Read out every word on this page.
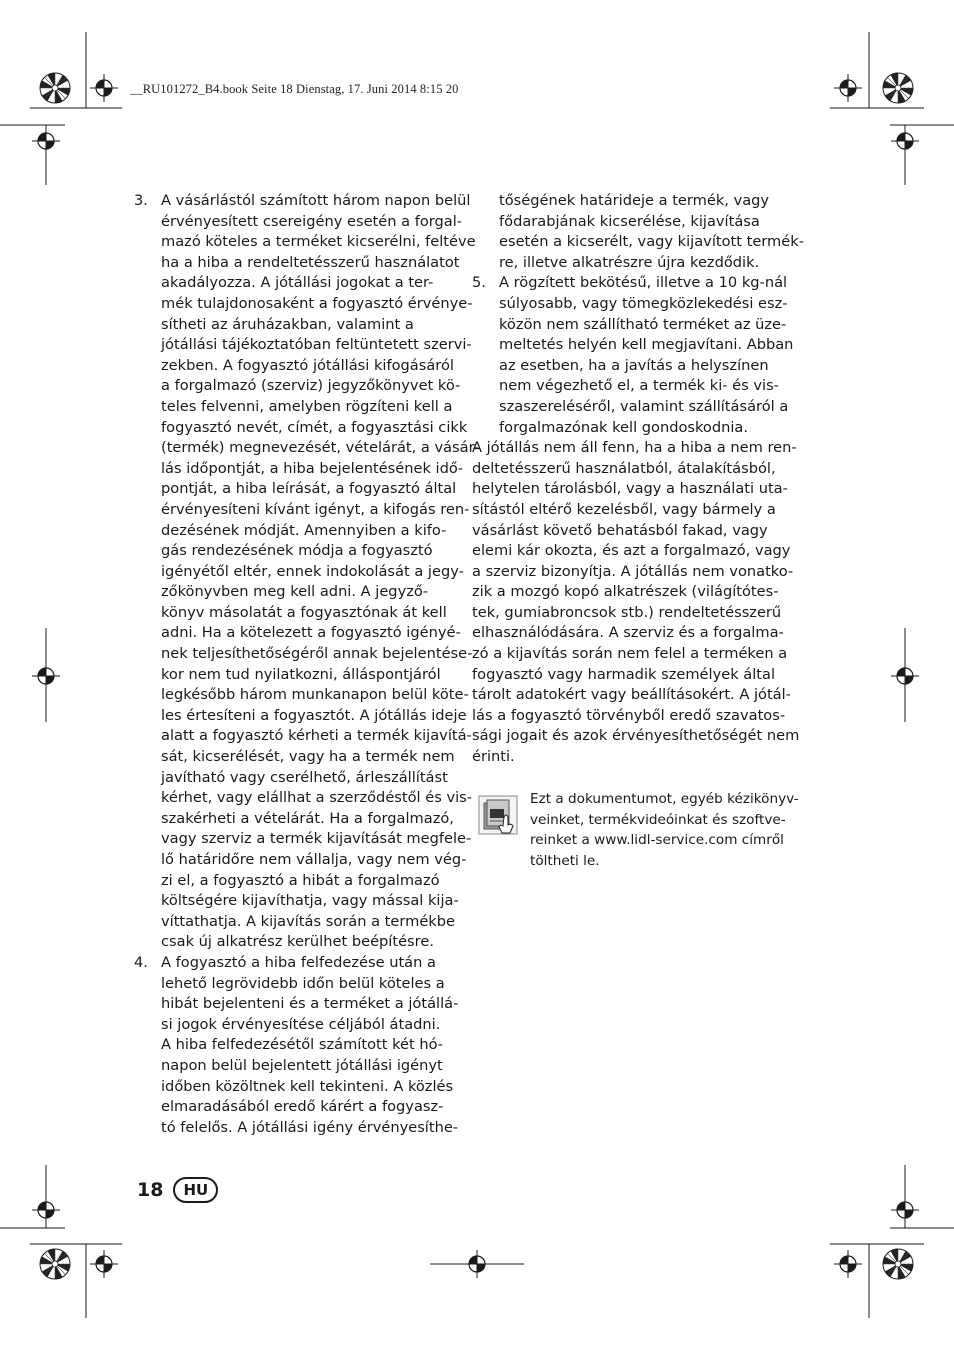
__RU101272_B4.book Seite 18 Dienstag, 17. Juni 2014 8:15 20
3. A vásárlástól számított három napon belül
érvényesített csereigény esetén a forgal-
mazó köteles a terméket kicserélni, feltéve
ha a hiba a rendeltetésszerű használatot
akadályozza. A jótállási jogokat a ter-
mék tulajdonosaként a fogyasztó érvénye-
sítheti az áruházakban, valamint a
jótállási tájékoztatóban feltüntetett szervi-
zekben. A fogyasztó jótállási kifogásáról
a forgalmazó (szerviz) jegyzőkönyvet kö-
teles felvenni, amelyben rögzíteni kell a
fogyasztó nevét, címét, a fogyasztási cikk
(termék) megnevezését, vételárát, a vásár-
lás időpontját, a hiba bejelentésének idő-
pontját, a hiba leírását, a fogyasztó által
érvényesíteni kívánt igényt, a kifogás ren-
dezésének módját. Amennyiben a kifo-
gás rendezésének módja a fogyasztó
igényétől eltér, ennek indokolását a jegy-
zőkönyvben meg kell adni. A jegyző-
könyv másolatát a fogyasztónak át kell
adni. Ha a kötelezett a fogyasztó igényé-
nek teljesíthetőségéről annak bejelentése-
kor nem tud nyilatkozni, álláspontjáról
legkésőbb három munkanapon belül köte-
les értesíteni a fogyasztót. A jótállás ideje
alatt a fogyasztó kérheti a termék kijavítá-
sát, kicserélését, vagy ha a termék nem
javítható vagy cserélhető, árleszállítást
kérhet, vagy elállhat a szerződéstől és vis-
szakérheti a vételárát. Ha a forgalmazó,
vagy szerviz a termék kijavítását megfele-
lő határidőre nem vállalja, vagy nem vég-
zi el, a fogyasztó a hibát a forgalmazó
költségére kijavíthatja, vagy mással kija-
víttathatja. A kijavítás során a termékbe
csak új alkatrész kerülhet beépítésre.
4. A fogyasztó a hiba felfedezése után a
lehető legrövidebb időn belül köteles a
hibát bejelenteni és a terméket a jótállá-
si jogok érvényesítése céljából átadni.
A hiba felfedezésétől számított két hó-
napon belül bejelentett jótállási igényt
időben közöltnek kell tekinteni. A közlés
elmaradásából eredő kárért a fogyasz-
tó felelős. A jótállási igény érvényesíthe-
tőségének határideje a termék, vagy
fődarabjának kicserélése, kijavítása
esetén a kicserélt, vagy kijavított termék-
re, illetve alkatrészre újra kezdődik.
5. A rögzített bekötésű, illetve a 10 kg-nál
súlyosabb, vagy tömegközlekedési esz-
közön nem szállítható terméket az üze-
meltetés helyén kell megjavítani. Abban
az esetben, ha a javítás a helyszínen
nem végezhető el, a termék ki- és vis-
szaszereléséről, valamint szállításáról a
forgalmazónak kell gondoskodnia.
A jótállás nem áll fenn, ha a hiba a nem ren-
deltetésszerű használatból, átalakításból,
helytelen tárolásból, vagy a használati uta-
sítástól eltérő kezelésből, vagy bármely a
vásárlást követő behatásból fakad, vagy
elemi kár okozta, és azt a forgalmazó, vagy
a szerviz bizonyítja. A jótállás nem vonatko-
zik a mozgó kopó alkatrészek (világítótes-
tek, gumiabroncsok stb.) rendeltetésszerű
elhasználódására. A szerviz és a forgalma-
zó a kijavítás során nem felel a terméken a
fogyasztó vagy harmadik személyek által
tárolt adatokért vagy beállításokért. A jótál-
lás a fogyasztó törvényből eredő szavatos-
sági jogait és azok érvényesíthetőségét nem
érinti.
Ezt a dokumentumot, egyéb kézikönyv-
veinket, termékvideóinkat és szoftve-
reinket a www.lidl-service.com címről
töltheti le.
18	HU
